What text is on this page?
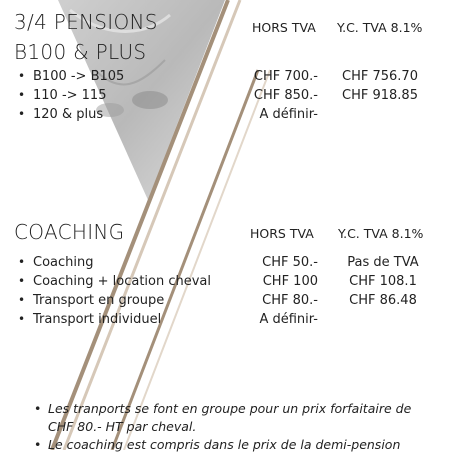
3/4 PENSIONS
B100 & PLUS
HORS TVA Y.C. TVA 8.1%
• B100 -> B105
• 110 -> 115
• 120 & plus
CHF 700.-
CHF 850.-
A définir-
CHF 756.70
CHF 918.85
COACHING	HORS TVA Y.C. TVA 8.1%
• Coaching
• Coaching + location cheval
• Transport en groupe
• Transport individuel
CHF 50.-
CHF 100
CHF 80.-
A définir-
Pas de TVA
CHF 108.1
CHF 86.48
• Les tranports se font en groupe pour un prix forfaitaire de CHF 80.- HT par cheval.
• Le coaching est compris dans le prix de la demi-pension
